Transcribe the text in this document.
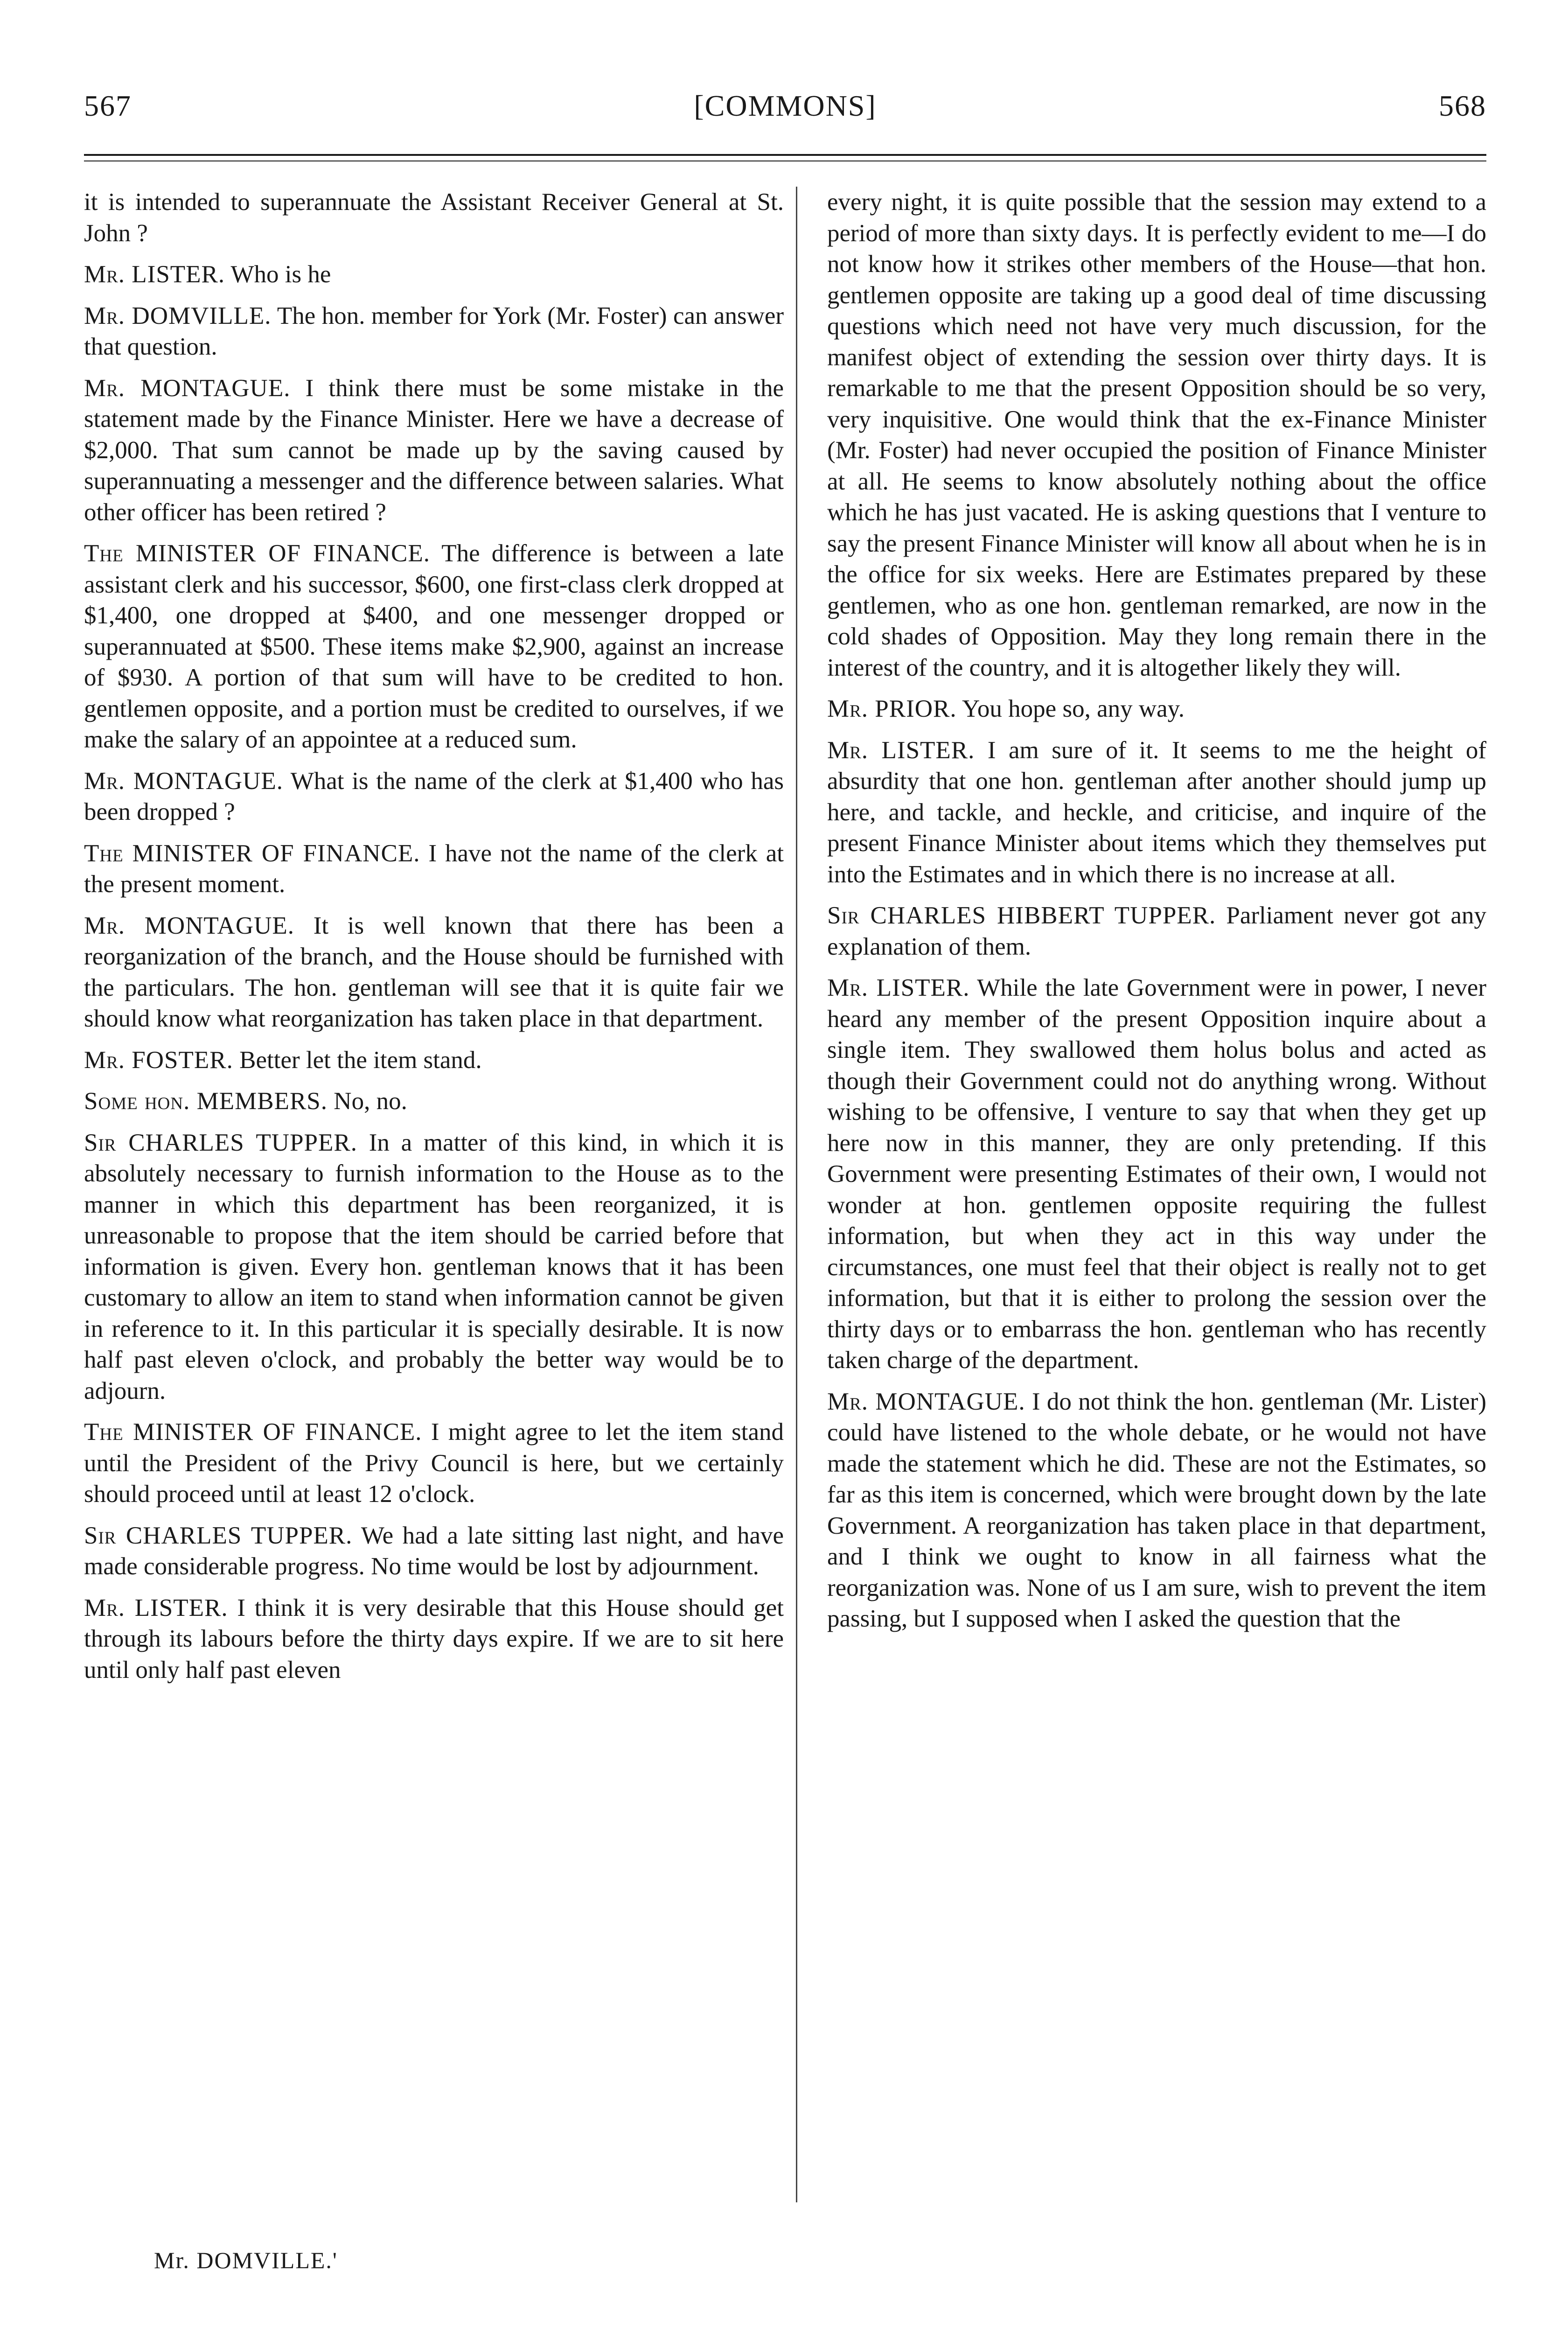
567	[COMMONS]	568

it is intended to superannuate the Assistant Receiver General at St. John ?

Mr. LISTER. Who is he

Mr. DOMVILLE. The hon. member for York (Mr. Foster) can answer that question.

Mr. MONTAGUE. I think there must be some mistake in the statement made by the Finance Minister. Here we have a decrease of $2,000. That sum cannot be made up by the saving caused by superannuating a messenger and the difference between salaries. What other officer has been retired ?

The MINISTER OF FINANCE. The difference is between a late assistant clerk and his successor, $600, one first-class clerk dropped at $1,400, one dropped at $400, and one messenger dropped or superannuated at $500. These items make $2,900, against an increase of $930. A portion of that sum will have to be credited to hon. gentlemen opposite, and a portion must be credited to ourselves, if we make the salary of an appointee at a reduced sum.

Mr. MONTAGUE. What is the name of the clerk at $1,400 who has been dropped ?

The MINISTER OF FINANCE. I have not the name of the clerk at the present moment.

Mr. MONTAGUE. It is well known that there has been a reorganization of the branch, and the House should be furnished with the particulars. The hon. gentleman will see that it is quite fair we should know what reorganization has taken place in that department.

Mr. FOSTER. Better let the item stand.

Some hon. MEMBERS. No, no.

Sir CHARLES TUPPER. In a matter of this kind, in which it is absolutely necessary to furnish information to the House as to the manner in which this department has been reorganized, it is unreasonable to propose that the item should be carried before that information is given. Every hon. gentleman knows that it has been customary to allow an item to stand when information cannot be given in reference to it. In this particular it is specially desirable. It is now half past eleven o'clock, and probably the better way would be to adjourn.

The MINISTER OF FINANCE. I might agree to let the item stand until the President of the Privy Council is here, but we certainly should proceed until at least 12 o'clock.

Sir CHARLES TUPPER. We had a late sitting last night, and have made considerable progress. No time would be lost by adjournment.

Mr. LISTER. I think it is very desirable that this House should get through its labours before the thirty days expire. If we are to sit here until only half past eleven

every night, it is quite possible that the session may extend to a period of more than sixty days. It is perfectly evident to me—I do not know how it strikes other members of the House—that hon. gentlemen opposite are taking up a good deal of time discussing questions which need not have very much discussion, for the manifest object of extending the session over thirty days. It is remarkable to me that the present Opposition should be so very, very inquisitive. One would think that the ex-Finance Minister (Mr. Foster) had never occupied the position of Finance Minister at all. He seems to know absolutely nothing about the office which he has just vacated. He is asking questions that I venture to say the present Finance Minister will know all about when he is in the office for six weeks. Here are Estimates prepared by these gentlemen, who as one hon. gentleman remarked, are now in the cold shades of Opposition. May they long remain there in the interest of the country, and it is altogether likely they will.

Mr. PRIOR. You hope so, any way.

Mr. LISTER. I am sure of it. It seems to me the height of absurdity that one hon. gentleman after another should jump up here, and tackle, and heckle, and criticise, and inquire of the present Finance Minister about items which they themselves put into the Estimates and in which there is no increase at all.

Sir CHARLES HIBBERT TUPPER. Parliament never got any explanation of them.

Mr. LISTER. While the late Government were in power, I never heard any member of the present Opposition inquire about a single item. They swallowed them holus bolus and acted as though their Government could not do anything wrong. Without wishing to be offensive, I venture to say that when they get up here now in this manner, they are only pretending. If this Government were presenting Estimates of their own, I would not wonder at hon. gentlemen opposite requiring the fullest information, but when they act in this way under the circumstances, one must feel that their object is really not to get information, but that it is either to prolong the session over the thirty days or to embarrass the hon. gentleman who has recently taken charge of the department.

Mr. MONTAGUE. I do not think the hon. gentleman (Mr. Lister) could have listened to the whole debate, or he would not have made the statement which he did. These are not the Estimates, so far as this item is concerned, which were brought down by the late Government. A reorganization has taken place in that department, and I think we ought to know in all fairness what the reorganization was. None of us I am sure, wish to prevent the item passing, but I supposed when I asked the question that the

Mr. DOMVILLE.'
